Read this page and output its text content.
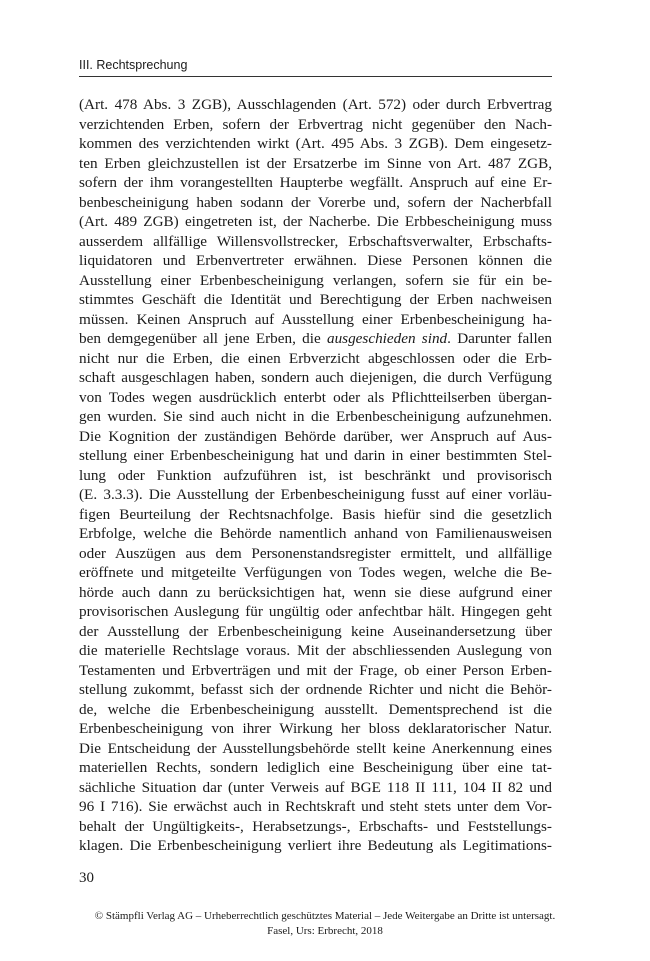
III. Rechtsprechung
(Art. 478 Abs. 3 ZGB), Ausschlagenden (Art. 572) oder durch Erbvertrag
verzichtenden Erben, sofern der Erbvertrag nicht gegenüber den Nach-
kommen des verzichtenden wirkt (Art. 495 Abs. 3 ZGB). Dem eingesetz-
ten Erben gleichzustellen ist der Ersatzerbe im Sinne von Art. 487 ZGB,
sofern der ihm vorangestellten Haupterbe wegfällt. Anspruch auf eine Er-
benbescheinigung haben sodann der Vorerbe und, sofern der Nacherbfall
(Art. 489 ZGB) eingetreten ist, der Nacherbe. Die Erbbescheinigung muss
ausserdem allfällige Willensvollstrecker, Erbschaftsverwalter, Erbschafts-
liquidatoren und Erbenvertreter erwähnen. Diese Personen können die
Ausstellung einer Erbenbescheinigung verlangen, sofern sie für ein be-
stimmtes Geschäft die Identität und Berechtigung der Erben nachweisen
müssen. Keinen Anspruch auf Ausstellung einer Erbenbescheinigung ha-
ben demgegenüber all jene Erben, die ausgeschieden sind. Darunter fallen
nicht nur die Erben, die einen Erbverzicht abgeschlossen oder die Erb-
schaft ausgeschlagen haben, sondern auch diejenigen, die durch Verfügung
von Todes wegen ausdrücklich enterbt oder als Pflichtteilserben übergan-
gen wurden. Sie sind auch nicht in die Erbenbescheinigung aufzunehmen.
Die Kognition der zuständigen Behörde darüber, wer Anspruch auf Aus-
stellung einer Erbenbescheinigung hat und darin in einer bestimmten Stel-
lung oder Funktion aufzuführen ist, ist beschränkt und provisorisch
(E. 3.3.3). Die Ausstellung der Erbenbescheinigung fusst auf einer vorläu-
figen Beurteilung der Rechtsnachfolge. Basis hiefür sind die gesetzlich
Erbfolge, welche die Behörde namentlich anhand von Familienausweisen
oder Auszügen aus dem Personenstandsregister ermittelt, und allfällige
eröffnete und mitgeteilte Verfügungen von Todes wegen, welche die Be-
hörde auch dann zu berücksichtigen hat, wenn sie diese aufgrund einer
provisorischen Auslegung für ungültig oder anfechtbar hält. Hingegen geht
der Ausstellung der Erbenbescheinigung keine Auseinandersetzung über
die materielle Rechtslage voraus. Mit der abschliessenden Auslegung von
Testamenten und Erbverträgen und mit der Frage, ob einer Person Erben-
stellung zukommt, befasst sich der ordnende Richter und nicht die Behör-
de, welche die Erbenbescheinigung ausstellt. Dementsprechend ist die
Erbenbescheinigung von ihrer Wirkung her bloss deklaratorischer Natur.
Die Entscheidung der Ausstellungsbehörde stellt keine Anerkennung eines
materiellen Rechts, sondern lediglich eine Bescheinigung über eine tat-
sächliche Situation dar (unter Verweis auf BGE 118 II 111, 104 II 82 und
96 I 716). Sie erwächst auch in Rechtskraft und steht stets unter dem Vor-
behalt der Ungültigkeits-, Herabsetzungs-, Erbschafts- und Feststellungs-
klagen. Die Erbenbescheinigung verliert ihre Bedeutung als Legitimations-
30
© Stämpfli Verlag AG – Urheberrechtlich geschütztes Material – Jede Weitergabe an Dritte ist untersagt.
Fasel, Urs: Erbrecht, 2018
